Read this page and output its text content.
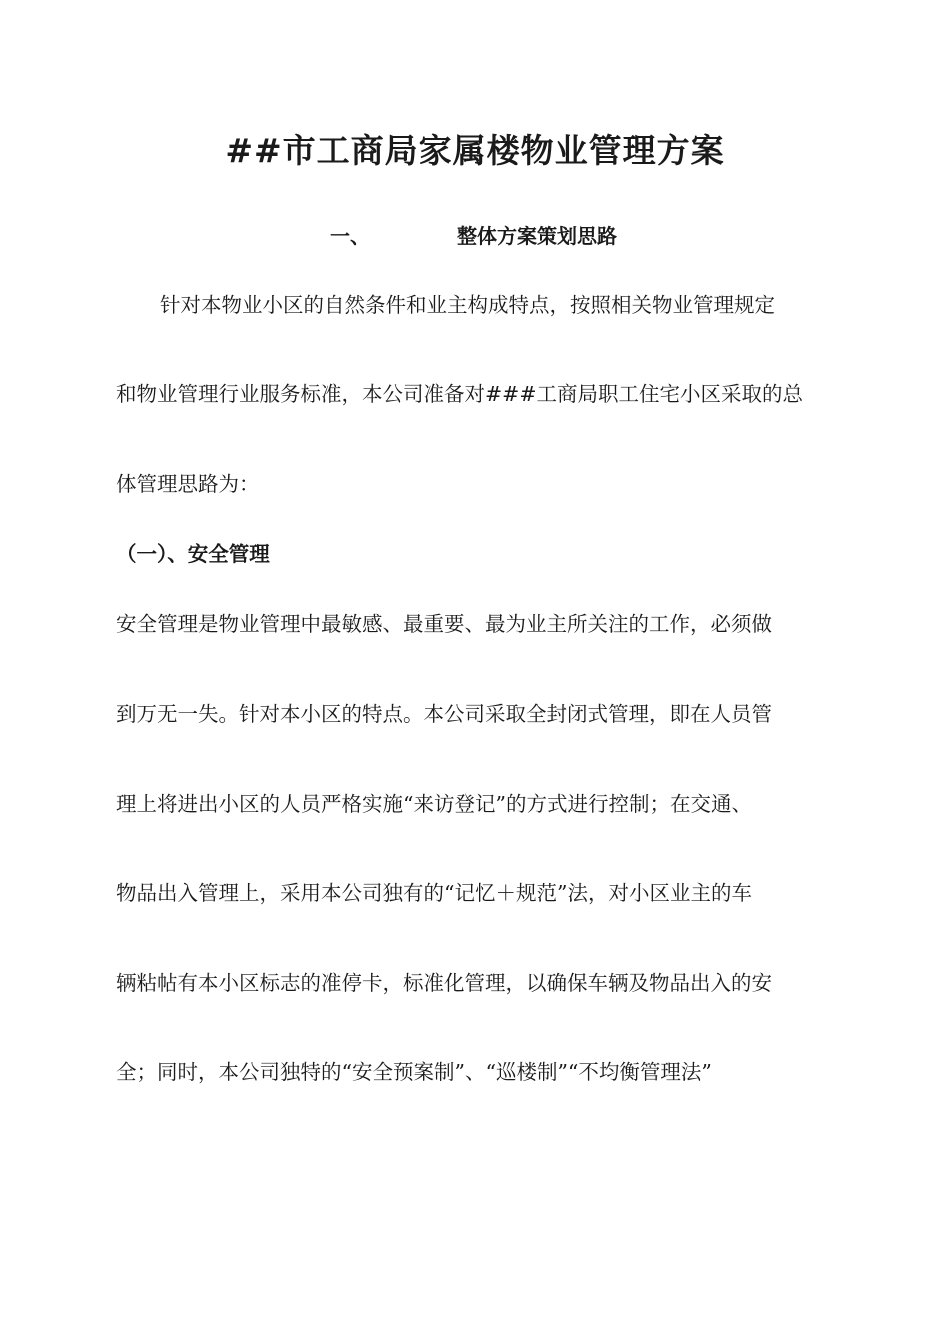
##市工商局家属楼物业管理方案
一、	整体方案策划思路

针对本物业小区的自然条件和业主构成特点，按照相关物业管理规定

和物业管理行业服务标准，本公司准备对###工商局职工住宅小区采取的总

体管理思路为：

（一）、安全管理

安全管理是物业管理中最敏感、最重要、最为业主所关注的工作，必须做

到万无一失。针对本小区的特点。本公司采取全封闭式管理，即在人员管

理上将进出小区的人员严格实施“来访登记”的方式进行控制；在交通、

物品出入管理上，采用本公司独有的“记忆＋规范”法，对小区业主的车

辆粘帖有本小区标志的准停卡，标准化管理，以确保车辆及物品出入的安

全；同时，本公司独特的“安全预案制”、“巡楼制”“不均衡管理法”
